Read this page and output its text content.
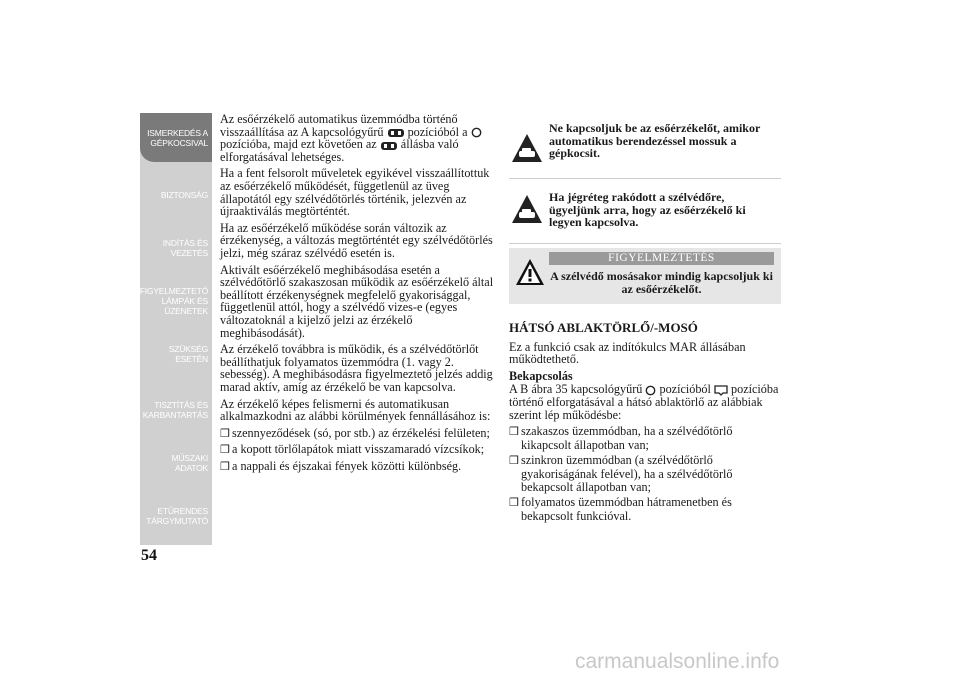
ISMERKEDÉS A
GÉPKOCSIVAL
BIZTONSÁG
INDÍTÁS ÉS
VEZETÉS
FIGYELMEZTETŐ
LÁMPÁK ÉS
ÜZENETEK
SZÜKSÉG ESETÉN
TISZTÍTÁS ÉS
KARBANTARTÁS
MŰSZAKI ADATOK
ETŰRENDES
TÁRGYMUTATÓ
54

Az esőérzékelő automatikus üzemmódba történő visszaállítása az A kapcsológyűrű pozícióból a  pozícióba, majd ezt követően az állásba való elforgatásával lehetséges.

Ha a fent felsorolt műveletek egyikével visszaállítottuk az esőérzékelő működését, függetlenül az üveg állapotától egy szélvédőtörlés történik, jelezvén az újraaktiválás megtörténtét.

Ha az esőérzékelő működése során változik az érzékenység, a változás megtörténtét egy szélvédőtörlés jelzi, még száraz szélvédő esetén is.

Aktivált esőérzékelő meghibásodása esetén a szélvédőtörlő szakaszosan működik az esőérzékelő által beállított érzékenységnek megfelelő gyakorisággal, függetlenül attól, hogy a szélvédő vizes-e (egyes változatoknál a kijelző jelzi az érzékelő meghibásodását).

Az érzékelő továbbra is működik, és a szélvédőtörlőt beállíthatjuk folyamatos üzemmódra (1. vagy 2. sebesség). A meghibásodásra figyelmeztető jelzés addig marad aktív, amíg az érzékelő be van kapcsolva.

Az érzékelő képes felismerni és automatikusan alkalmazkodni az alábbi körülmények fennállásához is:

❒ szennyeződések (só, por stb.) az érzékelési felületen;

❒ a kopott törlőlapátok miatt visszamaradó vízcsíkok;

❒ a nappali és éjszakai fények közötti különbség.

Ne kapcsoljuk be az esőérzékelőt, amikor automatikus berendezéssel mossuk a gépkocsit.
Ha jégréteg rakódott a szélvédőre, ügyeljünk arra, hogy az esőérzékelő ki legyen kapcsolva.
FIGYELMEZTETÉS
A szélvédő mosásakor mindig kapcsoljuk ki az esőérzékelőt.

HÁTSÓ ABLAKTÖRLŐ/-MOSÓ

Ez a funkció csak az indítókulcs MAR állásában működtethető.

Bekapcsolás

A B ábra 35 kapcsológyűrű pozícióból pozícióba történő elforgatásával a hátsó ablaktörlő az alábbiak szerint lép működésbe:

❒ szakaszos üzemmódban, ha a szélvédőtörlő kikapcsolt állapotban van;

❒ szinkron üzemmódban (a szélvédőtörlő gyakoriságának felével), ha a szélvédőtörlő bekapcsolt állapotban van;

❒ folyamatos üzemmódban hátramenetben és bekapcsolt funkcióval.

carmanualsonline.info
